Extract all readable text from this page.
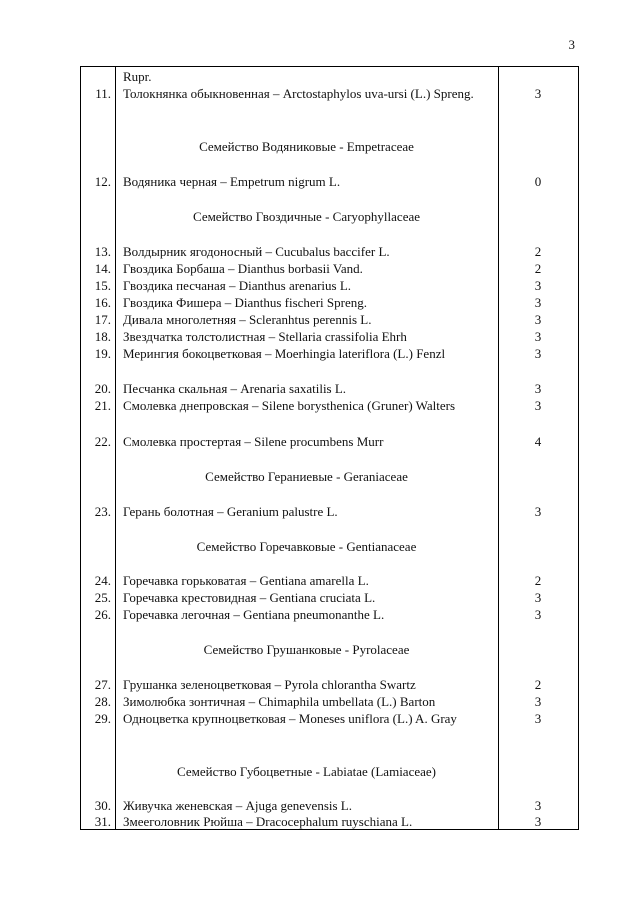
3
Rupr.
11. Толокнянка обыкновенная – Arctostaphylos uva-ursi (L.) Spreng.	3
Семейство Водяниковые - Empetraceae
12. Водяника черная – Empetrum nigrum L.	0
Семейство Гвоздичные - Caryophyllaceae
13. Волдырник ягодоносный – Cucubalus baccifer L.	2
14. Гвоздика Борбаша – Dianthus borbasii Vand.	2
15. Гвоздика песчаная – Dianthus arenarius L.	3
16. Гвоздика Фишера – Dianthus fischeri Spreng.	3
17. Дивала многолетняя – Scleranhtus perennis L.	3
18. Звездчатка толстолистная – Stellaria crassifolia Ehrh	3
19. Мерингия бокоцветковая – Moerhingia lateriflora (L.) Fenzl	3
20. Песчанка скальная – Arenaria saxatilis L.	3
21. Смолевка днепровская – Silene borysthenica (Gruner) Walters	3
22. Смолевка простертая – Silene procumbens Murr	4
Семейство Гераниевые - Geraniaceae
23. Герань болотная – Geranium palustre L.	3
Семейство Горечавковые - Gentianaceae
24. Горечавка горьковатая – Gentiana amarella L.	2
25. Горечавка крестовидная – Gentiana cruciata L.	3
26. Горечавка легочная – Gentiana pneumonanthe L.	3
Семейство Грушанковые - Pyrolaceae
27. Грушанка зеленоцветковая – Pyrola chlorantha Swartz	2
28. Зимолюбка зонтичная – Chimaphila umbellata (L.) Barton	3
29. Одноцветка крупноцветковая – Moneses uniflora (L.) A. Gray	3
Семейство Губоцветные - Labiatae (Lamiaceae)
30. Живучка женевская – Ajuga genevensis L.	3
31. Змееголовник Рюйша – Dracocephalum ruyschiana L.	3
